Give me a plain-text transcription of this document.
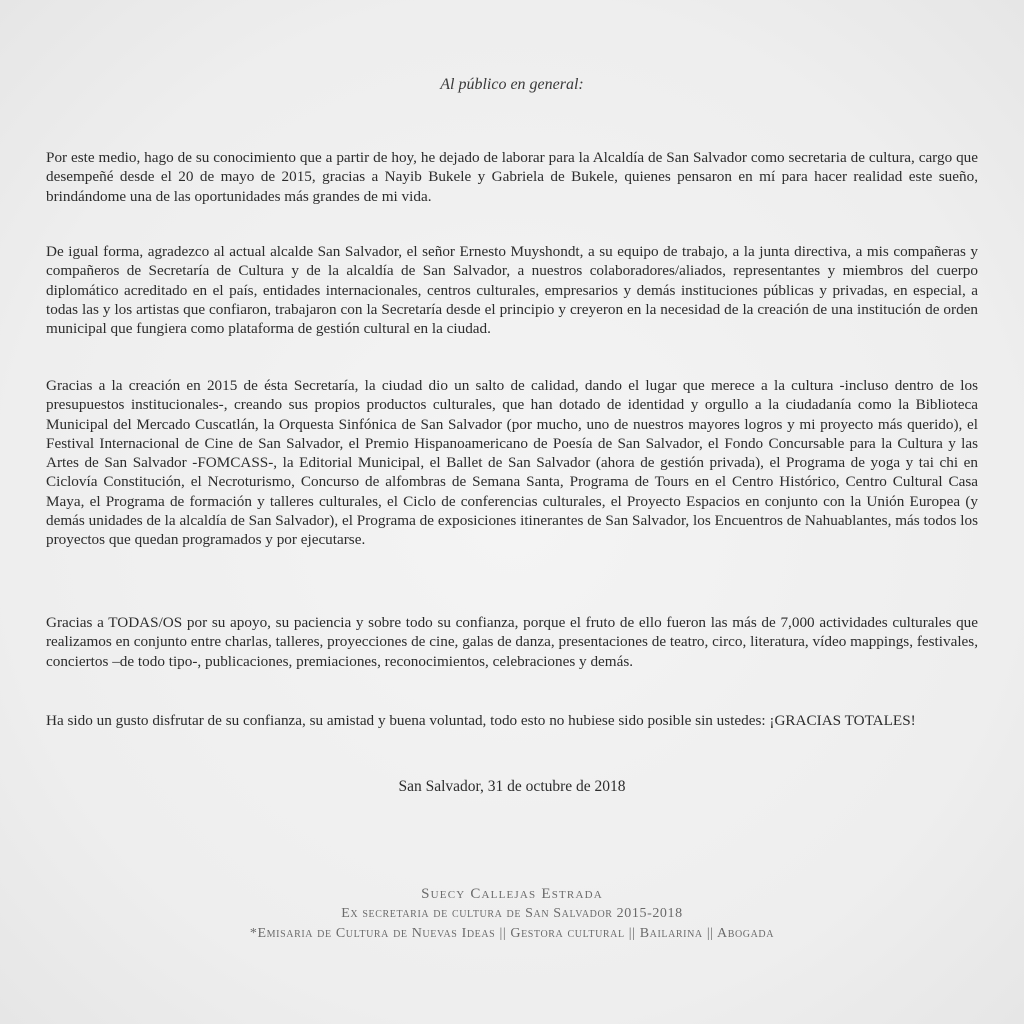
Al público en general:

Por este medio, hago de su conocimiento que a partir de hoy, he dejado de laborar para la Alcaldía de San Salvador como secretaria de cultura, cargo que desempeñé desde el 20 de mayo de 2015, gracias a Nayib Bukele y Gabriela de Bukele, quienes pensaron en mí para hacer realidad este sueño, brindándome una de las oportunidades más grandes de mi vida.

De igual forma, agradezco al actual alcalde San Salvador, el señor Ernesto Muyshondt, a su equipo de trabajo, a la junta directiva, a mis compañeras y compañeros de Secretaría de Cultura y de la alcaldía de San Salvador, a nuestros colaboradores/aliados, representantes y miembros del cuerpo diplomático acreditado en el país, entidades internacionales, centros culturales, empresarios y demás instituciones públicas y privadas, en especial, a todas las y los artistas que confiaron, trabajaron con la Secretaría desde el principio y creyeron en la necesidad de la creación de una institución de orden municipal que fungiera como plataforma de gestión cultural en la ciudad.

Gracias a la creación en 2015 de ésta Secretaría, la ciudad dio un salto de calidad, dando el lugar que merece a la cultura -incluso dentro de los presupuestos institucionales-, creando sus propios productos culturales, que han dotado de identidad y orgullo a la ciudadanía como la Biblioteca Municipal del Mercado Cuscatlán, la Orquesta Sinfónica de San Salvador (por mucho, uno de nuestros mayores logros y mi proyecto más querido), el Festival Internacional de Cine de San Salvador, el Premio Hispanoamericano de Poesía de San Salvador, el Fondo Concursable para la Cultura y las Artes de San Salvador -FOMCASS-, la Editorial Municipal, el Ballet de San Salvador (ahora de gestión privada), el Programa de yoga y tai chi en Ciclovía Constitución, el Necroturismo, Concurso de alfombras de Semana Santa, Programa de Tours en el Centro Histórico, Centro Cultural Casa Maya, el Programa de formación y talleres culturales, el Ciclo de conferencias culturales, el Proyecto Espacios en conjunto con la Unión Europea (y demás unidades de la alcaldía de San Salvador), el Programa de exposiciones itinerantes de San Salvador, los Encuentros de Nahuablantes, más todos los proyectos que quedan programados y por ejecutarse.

Gracias a TODAS/OS por su apoyo, su paciencia y sobre todo su confianza, porque el fruto de ello fueron las más de 7,000 actividades culturales que realizamos en conjunto entre charlas, talleres, proyecciones de cine, galas de danza, presentaciones de teatro, circo, literatura, vídeo mappings, festivales, conciertos –de todo tipo-, publicaciones, premiaciones, reconocimientos, celebraciones y demás.

Ha sido un gusto disfrutar de su confianza, su amistad y buena voluntad, todo esto no hubiese sido posible sin ustedes: ¡GRACIAS TOTALES!

San Salvador, 31 de octubre de 2018
Suecy Callejas Estrada
Ex secretaria de cultura de San Salvador 2015-2018
*Emisaria de Cultura de Nuevas Ideas || Gestora cultural || Bailarina || Abogada
